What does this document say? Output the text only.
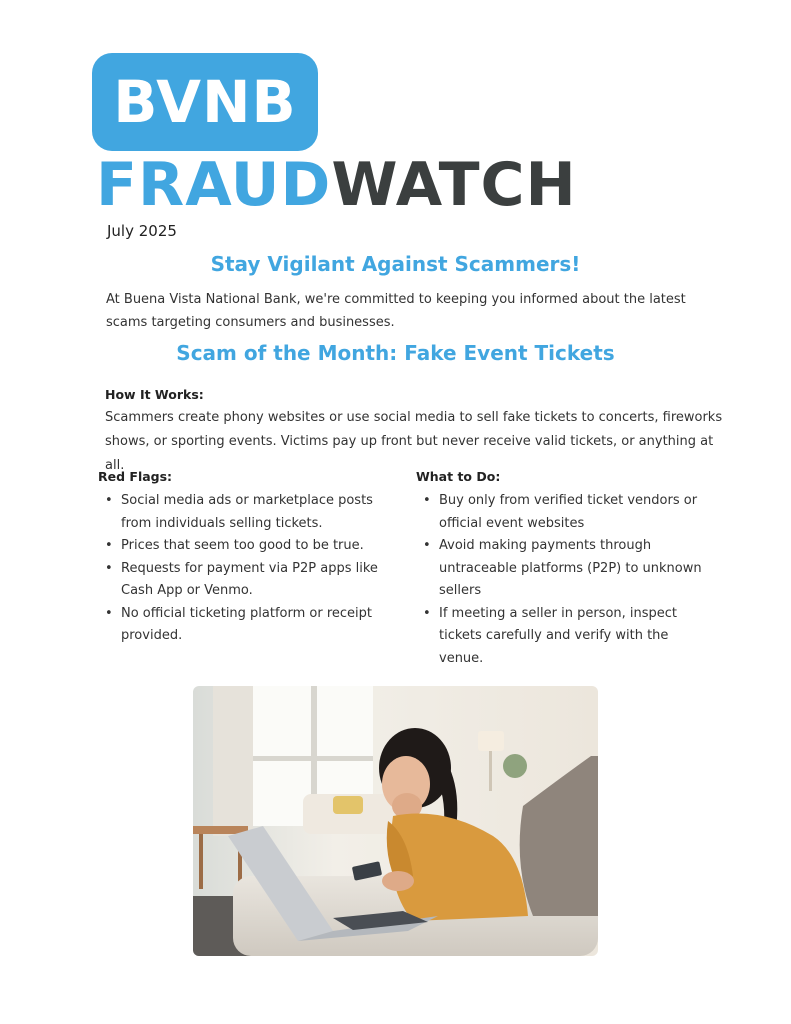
BVNB
FRAUDWATCH
July 2025
Stay Vigilant Against Scammers!
At Buena Vista National Bank, we're committed to keeping you informed about the latest scams targeting consumers and businesses.
Scam of the Month: Fake Event Tickets
How It Works:
Scammers create phony websites or use social media to sell fake tickets to concerts, fireworks shows, or sporting events. Victims pay up front but never receive valid tickets, or anything at all.
Red Flags:
• Social media ads or marketplace posts from individuals selling tickets.
• Prices that seem too good to be true.
• Requests for payment via P2P apps like Cash App or Venmo.
• No official ticketing platform or receipt provided.
What to Do:
• Buy only from verified ticket vendors or official event websites
• Avoid making payments through untraceable platforms (P2P) to unknown sellers
• If meeting a seller in person, inspect tickets carefully and verify with the venue.
